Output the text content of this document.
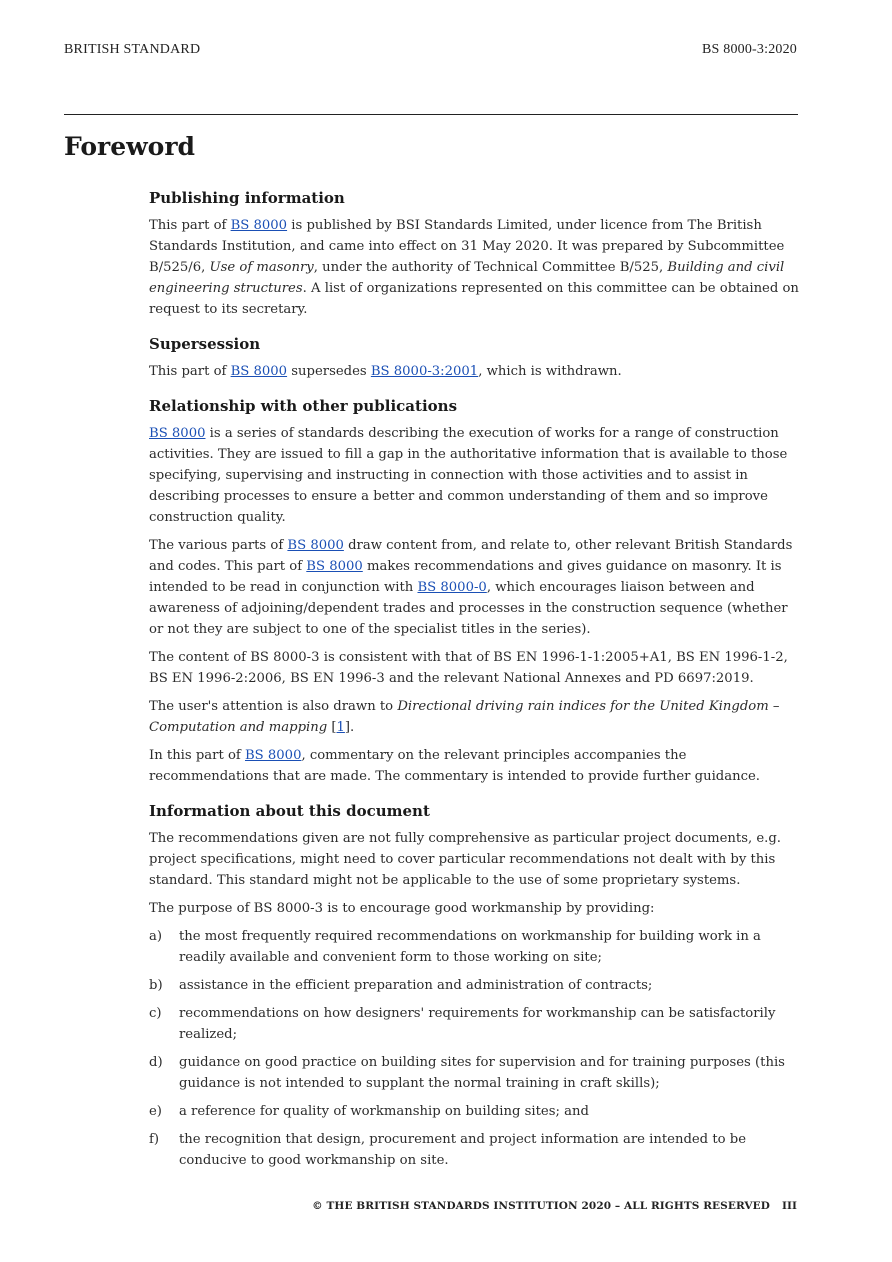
BRITISH STANDARD	BS 8000-3:2020
Foreword
Publishing information

This part of BS 8000 is published by BSI Standards Limited, under licence from The British Standards Institution, and came into effect on 31 May 2020. It was prepared by Subcommittee B/525/6, Use of masonry, under the authority of Technical Committee B/525, Building and civil engineering structures. A list of organizations represented on this committee can be obtained on request to its secretary.

Supersession

This part of BS 8000 supersedes BS 8000-3:2001, which is withdrawn.

Relationship with other publications

BS 8000 is a series of standards describing the execution of works for a range of construction activities. They are issued to fill a gap in the authoritative information that is available to those specifying, supervising and instructing in connection with those activities and to assist in describing processes to ensure a better and common understanding of them and so improve construction quality.

The various parts of BS 8000 draw content from, and relate to, other relevant British Standards and codes. This part of BS 8000 makes recommendations and gives guidance on masonry. It is intended to be read in conjunction with BS 8000-0, which encourages liaison between and awareness of adjoining/dependent trades and processes in the construction sequence (whether or not they are subject to one of the specialist titles in the series).

The content of BS 8000-3 is consistent with that of BS EN 1996-1-1:2005+A1, BS EN 1996-1-2, BS EN 1996-2:2006, BS EN 1996-3 and the relevant National Annexes and PD 6697:2019.

The user's attention is also drawn to Directional driving rain indices for the United Kingdom – Computation and mapping [1].

In this part of BS 8000, commentary on the relevant principles accompanies the recommendations that are made. The commentary is intended to provide further guidance.

Information about this document

The recommendations given are not fully comprehensive as particular project documents, e.g. project specifications, might need to cover particular recommendations not dealt with by this standard. This standard might not be applicable to the use of some proprietary systems.

The purpose of BS 8000-3 is to encourage good workmanship by providing:

a) the most frequently required recommendations on workmanship for building work in a readily available and convenient form to those working on site;
b) assistance in the efficient preparation and administration of contracts;
c) recommendations on how designers' requirements for workmanship can be satisfactorily realized;
d) guidance on good practice on building sites for supervision and for training purposes (this guidance is not intended to supplant the normal training in craft skills);
e) a reference for quality of workmanship on building sites; and
f) the recognition that design, procurement and project information are intended to be conducive to good workmanship on site.
© THE BRITISH STANDARDS INSTITUTION 2020 – ALL RIGHTS RESERVED III
